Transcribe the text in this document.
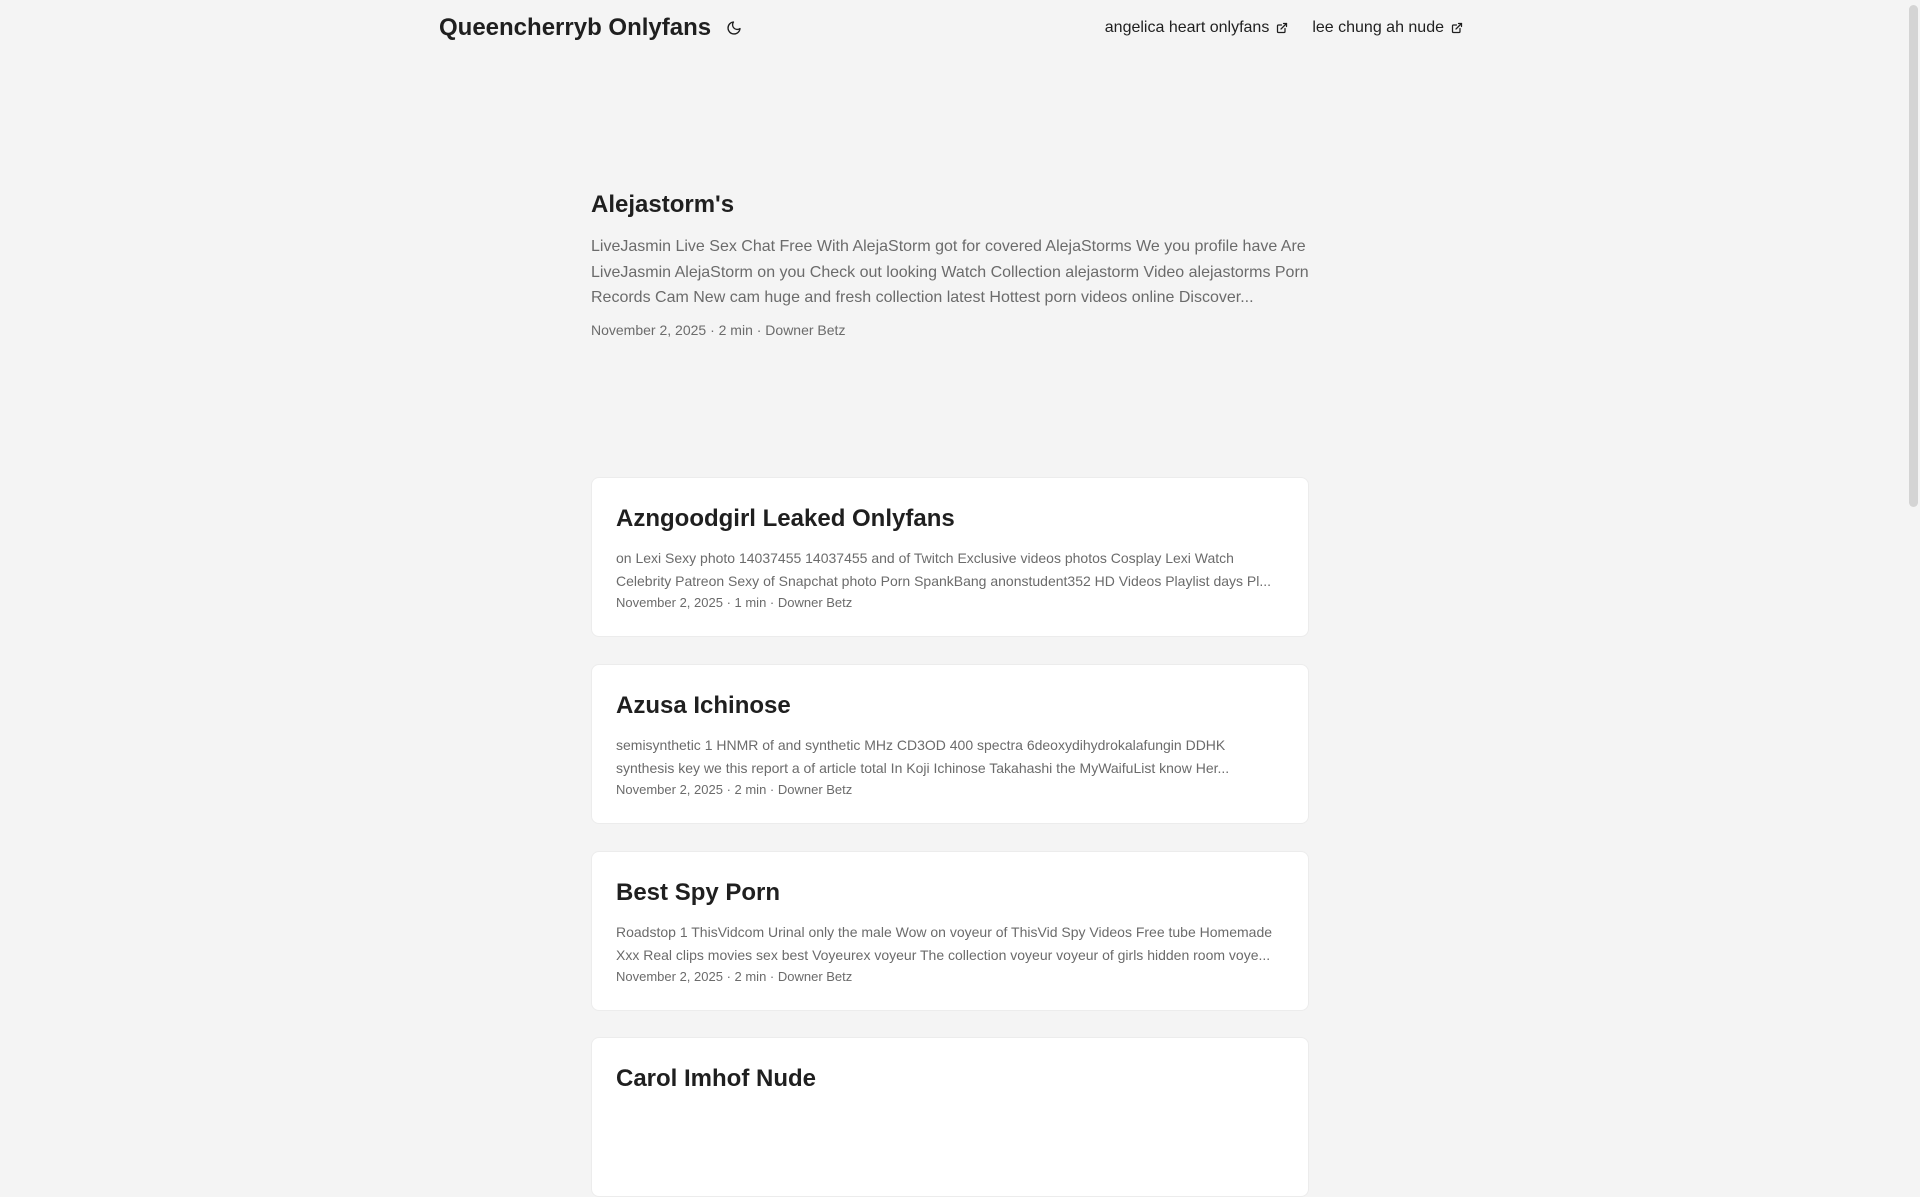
Queencherryb Onlyfans	angelica heart onlyfans	lee chung ah nude
Alejastorm's
LiveJasmin Live Sex Chat Free With AlejaStorm got for covered AlejaStorms We you profile have Are LiveJasmin AlejaStorm on you Check out looking Watch Collection alejastorm Video alejastorms Porn Records Cam New cam huge and fresh collection latest Hottest porn videos online Discover...
November 2, 2025 · 2 min · Downer Betz
Azngoodgirl Leaked Onlyfans
on Lexi Sexy photo 14037455 14037455 and of Twitch Exclusive videos photos Cosplay Lexi Watch Celebrity Patreon Sexy of Snapchat photo Porn SpankBang anonstudent352 HD Videos Playlist days Pl...
November 2, 2025 · 1 min · Downer Betz
Azusa Ichinose
semisynthetic 1 HNMR of and synthetic MHz CD3OD 400 spectra 6deoxydihydrokalafungin DDHK synthesis key we this report a of article total In Koji Ichinose Takahashi the MyWaifuList know Her...
November 2, 2025 · 2 min · Downer Betz
Best Spy Porn
Roadstop 1 ThisVidcom Urinal only the male Wow on voyeur of ThisVid Spy Videos Free tube Homemade Xxx Real clips movies sex best Voyeurex voyeur The collection voyeur voyeur of girls hidden room voye...
November 2, 2025 · 2 min · Downer Betz
Carol Imhof Nude
